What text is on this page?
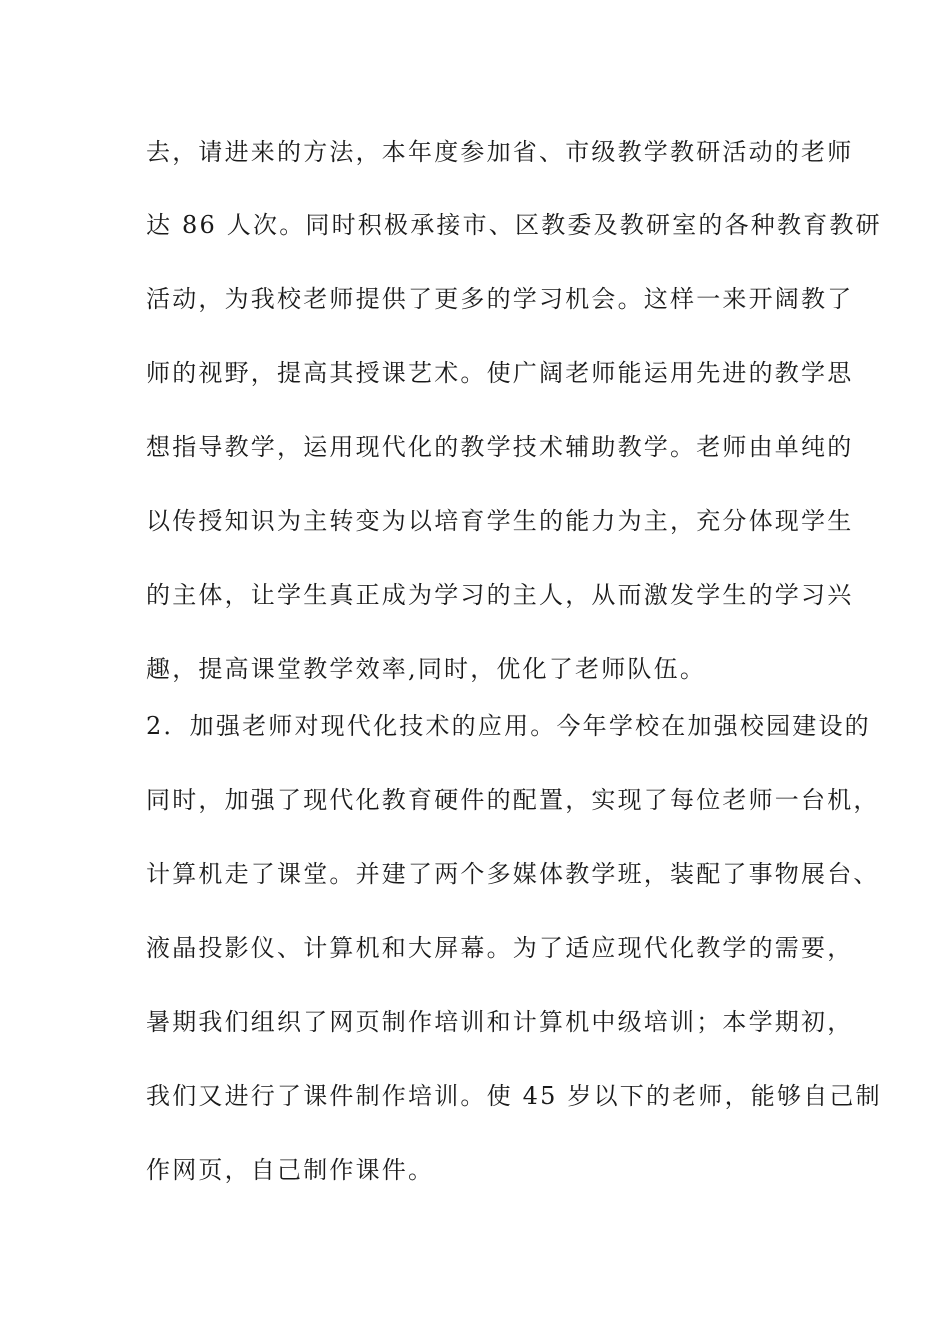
去，请进来的方法，本年度参加省、市级教学教研活动的老师
达 86 人次。同时积极承接市、区教委及教研室的各种教育教研
活动，为我校老师提供了更多的学习机会。这样一来开阔教了
师的视野，提高其授课艺术。使广阔老师能运用先进的教学思
想指导教学，运用现代化的教学技术辅助教学。老师由单纯的
以传授知识为主转变为以培育学生的能力为主，充分体现学生
的主体，让学生真正成为学习的主人，从而激发学生的学习兴
趣，提高课堂教学效率,同时，优化了老师队伍。
2．加强老师对现代化技术的应用。今年学校在加强校园建设的
同时，加强了现代化教育硬件的配置，实现了每位老师一台机，
计算机走了课堂。并建了两个多媒体教学班，装配了事物展台、
液晶投影仪、计算机和大屏幕。为了适应现代化教学的需要，
暑期我们组织了网页制作培训和计算机中级培训；本学期初，
我们又进行了课件制作培训。使 45 岁以下的老师，能够自己制
作网页，自己制作课件。
